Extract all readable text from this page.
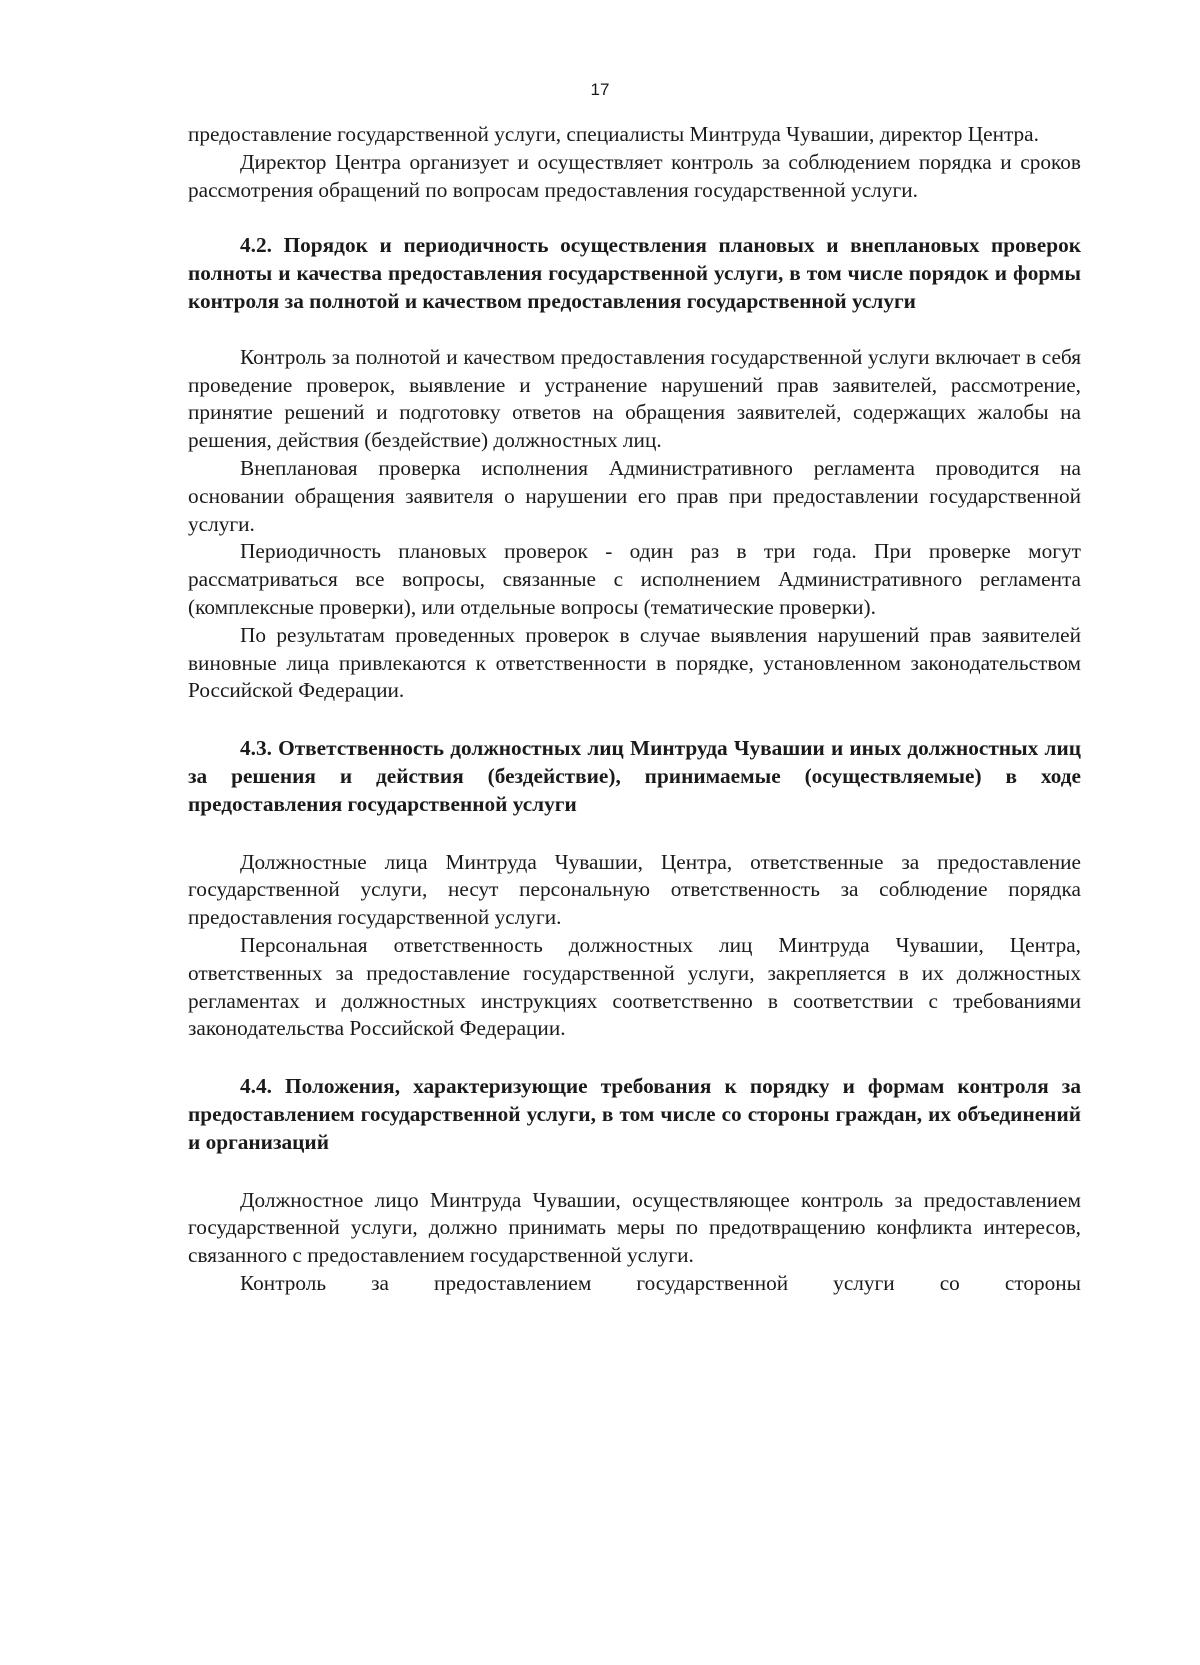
17

предоставление государственной услуги, специалисты Минтруда Чувашии, директор Центра.

Директор Центра организует и осуществляет контроль за соблюдением порядка и сроков рассмотрения обращений по вопросам предоставления государственной услуги.

4.2. Порядок и периодичность осуществления плановых и внеплановых проверок полноты и качества предоставления государственной услуги, в том числе порядок и формы контроля за полнотой и качеством предоставления государственной услуги

Контроль за полнотой и качеством предоставления государственной услуги включает в себя проведение проверок, выявление и устранение нарушений прав заявителей, рассмотрение, принятие решений и подготовку ответов на обращения заявителей, содержащих жалобы на решения, действия (бездействие) должностных лиц.

Внеплановая проверка исполнения Административного регламента проводится на основании обращения заявителя о нарушении его прав при предоставлении государственной услуги.

Периодичность плановых проверок - один раз в три года. При проверке могут рассматриваться все вопросы, связанные с исполнением Административного регламента (комплексные проверки), или отдельные вопросы (тематические проверки).

По результатам проведенных проверок в случае выявления нарушений прав заявителей виновные лица привлекаются к ответственности в порядке, установленном законодательством Российской Федерации.

4.3. Ответственность должностных лиц Минтруда Чувашии и иных должностных лиц за решения и действия (бездействие), принимаемые (осуществляемые) в ходе предоставления государственной услуги

Должностные лица Минтруда Чувашии, Центра, ответственные за предоставление государственной услуги, несут персональную ответственность за соблюдение порядка предоставления государственной услуги.

Персональная ответственность должностных лиц Минтруда Чувашии, Центра, ответственных за предоставление государственной услуги, закрепляется в их должностных регламентах и должностных инструкциях соответственно в соответствии с требованиями законодательства Российской Федерации.

4.4. Положения, характеризующие требования к порядку и формам контроля за предоставлением государственной услуги, в том числе со стороны граждан, их объединений и организаций

Должностное лицо Минтруда Чувашии, осуществляющее контроль за предоставлением государственной услуги, должно принимать меры по предотвращению конфликта интересов, связанного с предоставлением государственной услуги.

Контроль за предоставлением государственной услуги со стороны
